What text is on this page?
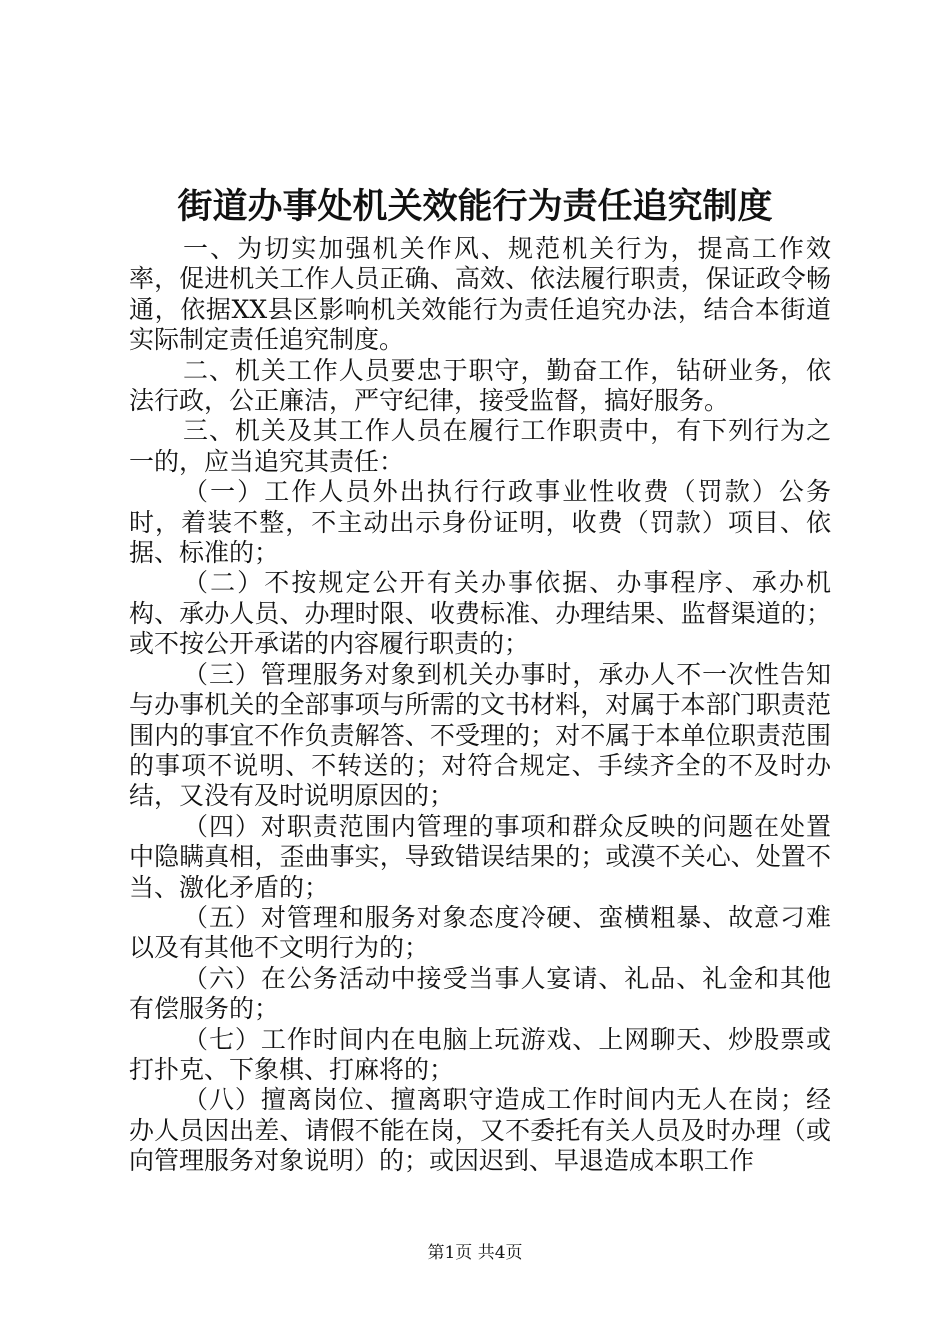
街道办事处机关效能行为责任追究制度

一、为切实加强机关作风、规范机关行为，提高工作效率，促进机关工作人员正确、高效、依法履行职责，保证政令畅通，依据XX县区影响机关效能行为责任追究办法，结合本街道实际制定责任追究制度。

二、机关工作人员要忠于职守，勤奋工作，钻研业务，依法行政，公正廉洁，严守纪律，接受监督，搞好服务。

三、机关及其工作人员在履行工作职责中，有下列行为之一的，应当追究其责任：

（一）工作人员外出执行行政事业性收费（罚款）公务时，着装不整，不主动出示身份证明，收费（罚款）项目、依据、标准的；

（二）不按规定公开有关办事依据、办事程序、承办机构、承办人员、办理时限、收费标准、办理结果、监督渠道的；或不按公开承诺的内容履行职责的；

（三）管理服务对象到机关办事时，承办人不一次性告知与办事机关的全部事项与所需的文书材料，对属于本部门职责范围内的事宜不作负责解答、不受理的；对不属于本单位职责范围的事项不说明、不转送的；对符合规定、手续齐全的不及时办结，又没有及时说明原因的；

（四）对职责范围内管理的事项和群众反映的问题在处置中隐瞒真相，歪曲事实，导致错误结果的；或漠不关心、处置不当、激化矛盾的；

（五）对管理和服务对象态度冷硬、蛮横粗暴、故意刁难以及有其他不文明行为的；

（六）在公务活动中接受当事人宴请、礼品、礼金和其他有偿服务的；

（七）工作时间内在电脑上玩游戏、上网聊天、炒股票或打扑克、下象棋、打麻将的；

（八）擅离岗位、擅离职守造成工作时间内无人在岗；经办人员因出差、请假不能在岗，又不委托有关人员及时办理（或向管理服务对象说明）的；或因迟到、早退造成本职工作

第1页 共4页
